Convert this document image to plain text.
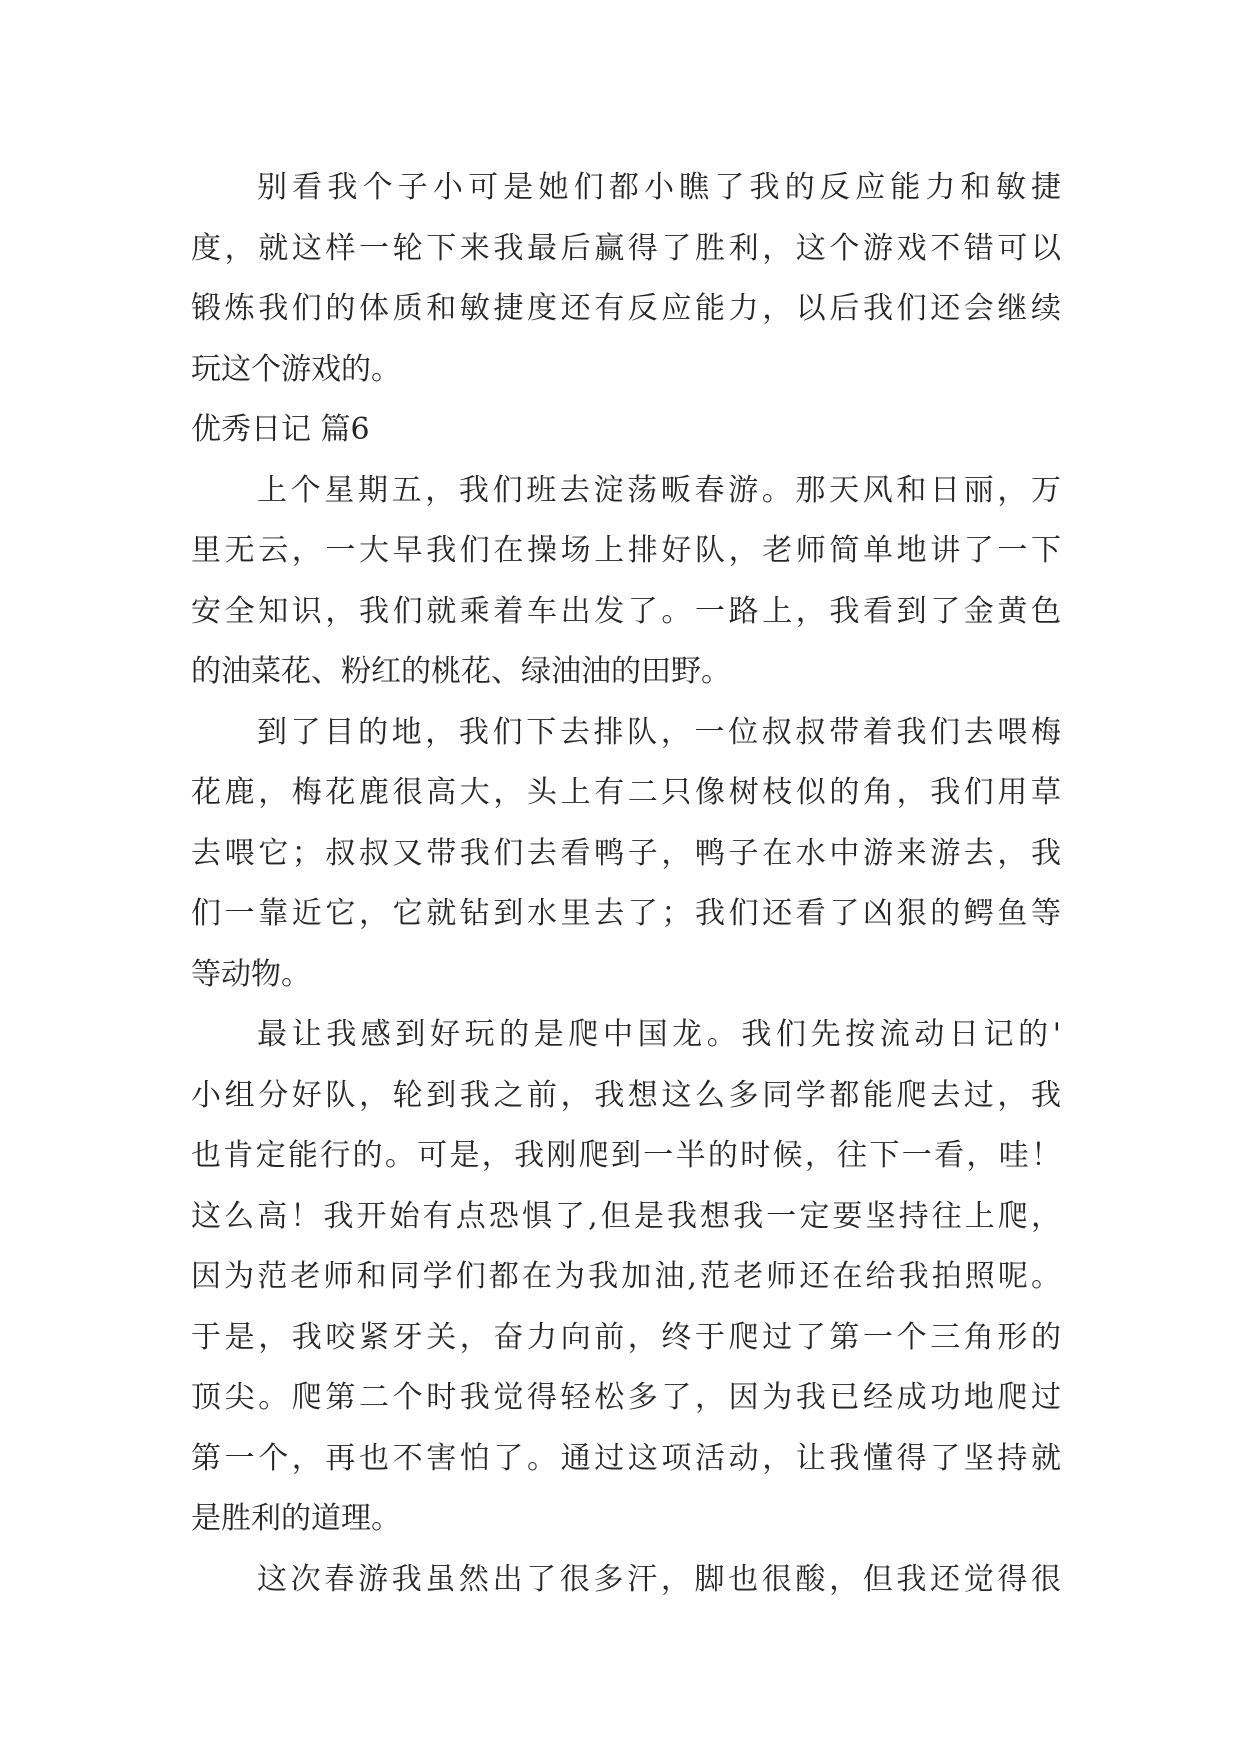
别看我个子小可是她们都小瞧了我的反应能力和敏捷
度，就这样一轮下来我最后赢得了胜利，这个游戏不错可以
锻炼我们的体质和敏捷度还有反应能力，以后我们还会继续
玩这个游戏的。
优秀日记 篇6
上个星期五，我们班去淀荡畈春游。那天风和日丽，万
里无云，一大早我们在操场上排好队，老师简单地讲了一下
安全知识，我们就乘着车出发了。一路上，我看到了金黄色
的油菜花、粉红的桃花、绿油油的田野。
到了目的地，我们下去排队，一位叔叔带着我们去喂梅
花鹿，梅花鹿很高大，头上有二只像树枝似的角，我们用草
去喂它；叔叔又带我们去看鸭子，鸭子在水中游来游去，我
们一靠近它，它就钻到水里去了；我们还看了凶狠的鳄鱼等
等动物。
最让我感到好玩的是爬中国龙。我们先按流动日记的'
小组分好队，轮到我之前，我想这么多同学都能爬去过，我
也肯定能行的。可是，我刚爬到一半的时候，往下一看，哇！
这么高！我开始有点恐惧了,但是我想我一定要坚持往上爬，
因为范老师和同学们都在为我加油,范老师还在给我拍照呢。
于是，我咬紧牙关，奋力向前，终于爬过了第一个三角形的
顶尖。爬第二个时我觉得轻松多了，因为我已经成功地爬过
第一个，再也不害怕了。通过这项活动，让我懂得了坚持就
是胜利的道理。
这次春游我虽然出了很多汗，脚也很酸，但我还觉得很
